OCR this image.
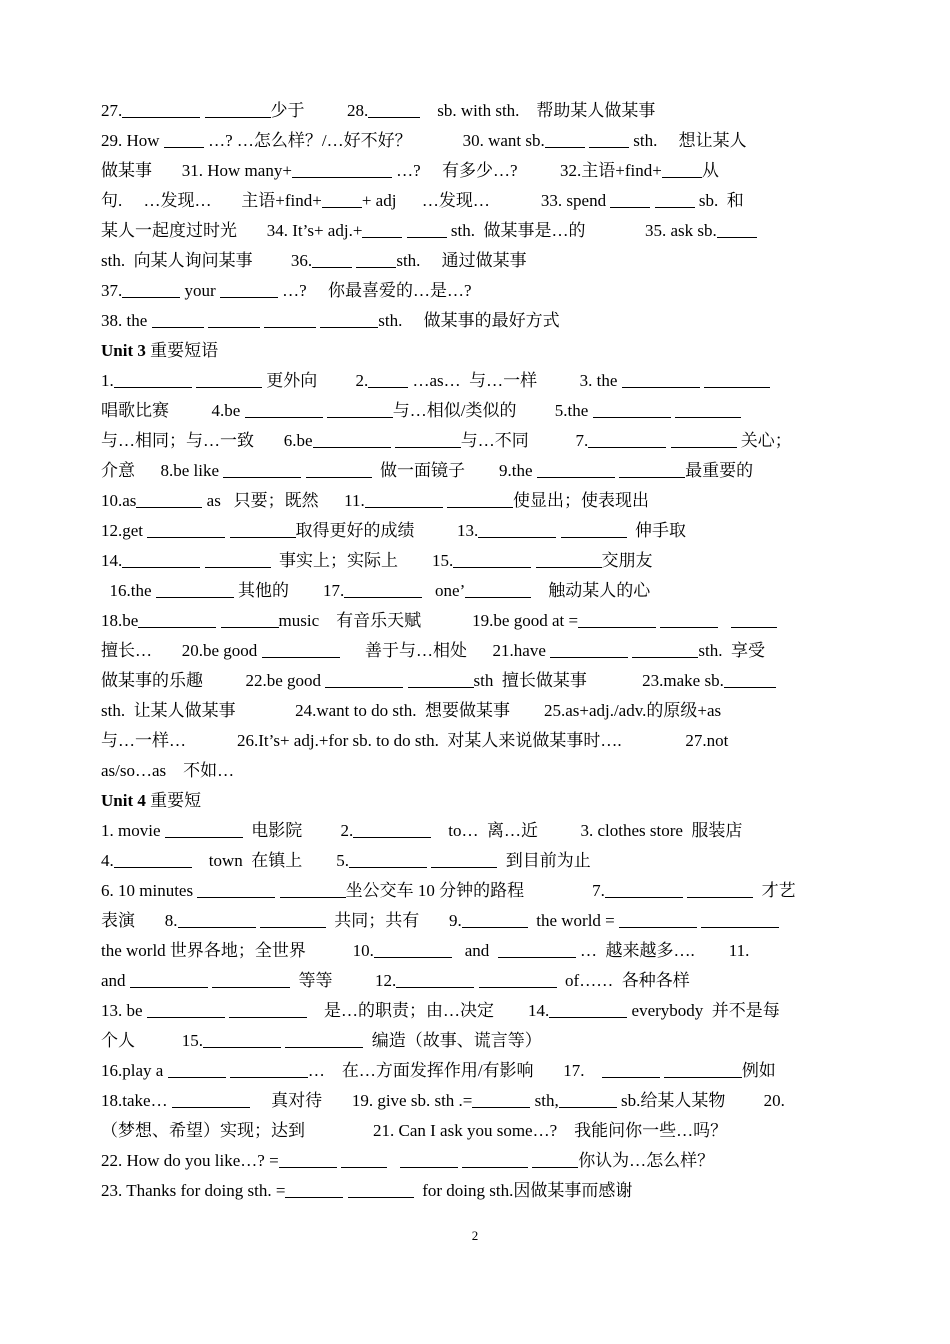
27.	少于          28.	sb. with sth.    帮助某人做某事
29. How  …? …怎么样？/…好不好？            30. want sb.	sth.     想让某人
做某事       31. How many+	…?     有多少…?          32.主语+find+ 从
句.     …发现…       主语+find+ + adj      …发现…            33. spend	sb.  和
某人一起度过时光       34. It’s+ adj.+	sth.  做某事是…的              35. ask sb.
sth.  向某人询问某事         36.	sth.     通过做某事
37.	your	…?     你最喜爱的…是…?
38. the	sth.     做某事的最好方式
Unit 3 重要短语
1.	更外向         2. …as…  与…一样          3. the
唱歌比赛          4.be	与…相似/类似的         5.the
与…相同；与…一致       6.be	与…不同           7.	关心；
介意      8.be like	做一面镜子        9.the	最重要的
10.as	as   只要；既然      11.	使显出；使表现出
12.get	取得更好的成绩          13.	伸手取
14.	事实上；实际上        15.	交朋友
16.the	其他的        17.	one’	触动某人的心
18.be	music    有音乐天赋            19.be good at =
擅长…       20.be good	善于与…相处      21.have	sth.  享受
做某事的乐趣          22.be good	sth  擅长做某事             23.make sb.
sth.  让某人做某事              24.want to do sth.  想要做某事        25.as+adj./adv.的原级+as
与…一样…            26.It’s+ adj.+for sb. to do sth.  对某人来说做某事时….               27.not
as/so…as    不如…
Unit 4 重要短
1. movie	电影院         2.	to…  离…近          3. clothes store  服装店
4.	town  在镇上        5.	到目前为止
6. 10 minutes	坐公交车 10 分钟的路程                7.	才艺
表演       8.	共同；共有       9.	the world =
the world 世界各地；全世界           10.	and	…  越来越多….        11.
and	等等          12.	of……  各种各样
13. be	是…的职责；由…决定        14.	everybody  并不是每
个人           15.	编造（故事、谎言等）
16.play a	…    在…方面发挥作用/有影响       17.	例如
18.take…	真对待       19. give sb. sth .=	sth,	sb.给某人某物         20.
（梦想、希望）实现；达到                21. Can I ask you some…?    我能问你一些…吗？
22. How do you like…? =	你认为…怎么样？
23. Thanks for doing sth. =	for doing sth.因做某事而感谢
2
